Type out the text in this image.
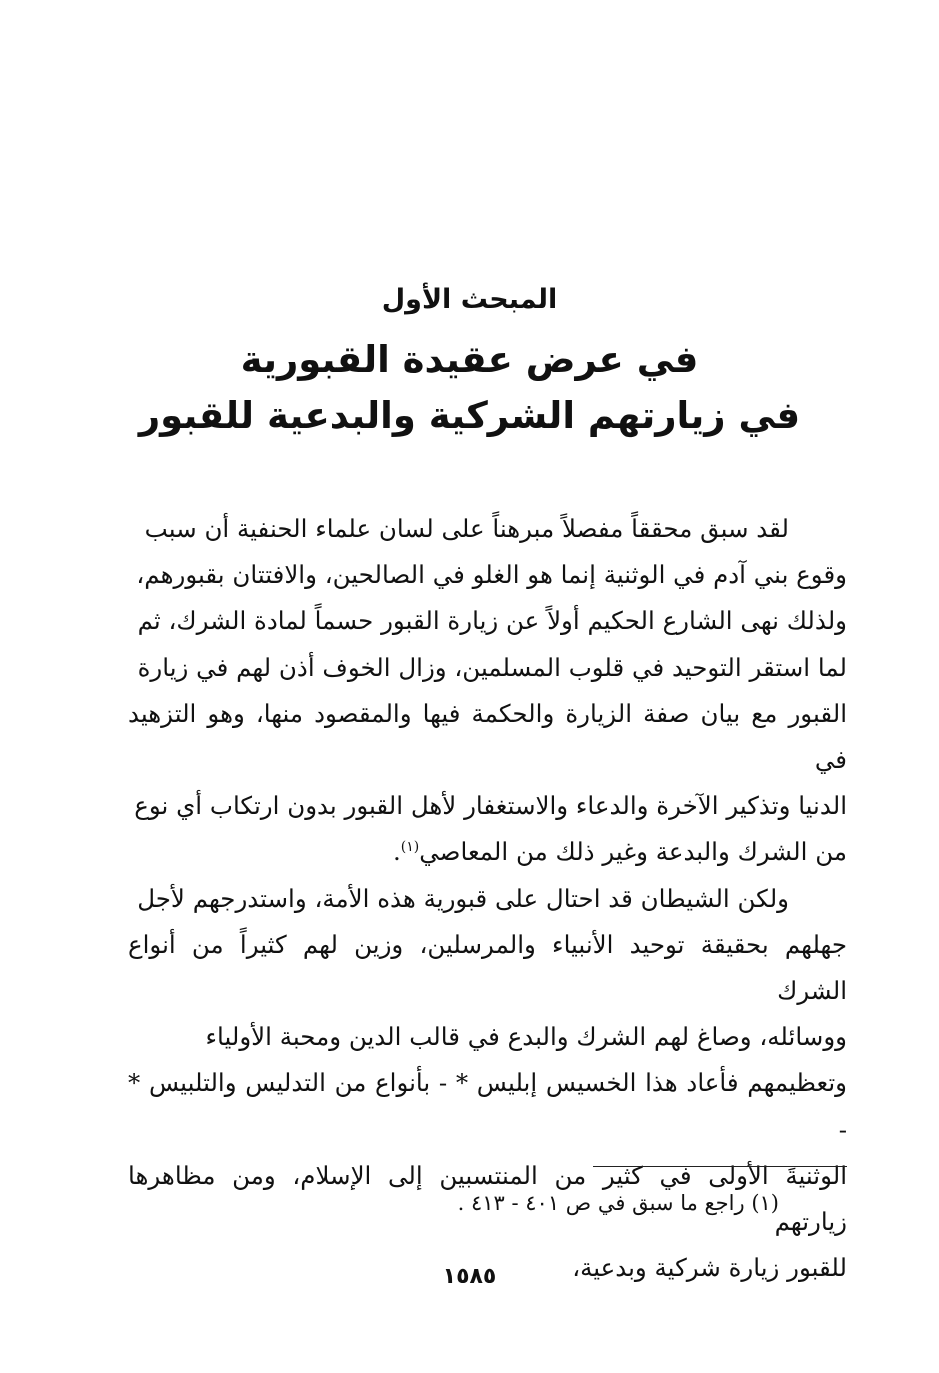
المبحث الأول
في عرض عقيدة القبورية
في زيارتهم الشركية والبدعية للقبور

لقد سبق محققاً مفصلاً مبرهناً على لسان علماء الحنفية أن سبب

وقوع بني آدم في الوثنية إنما هو الغلو في الصالحين، والافتتان بقبورهم،

ولذلك نهى الشارع الحكيم أولاً عن زيارة القبور حسماً لمادة الشرك، ثم

لما استقر التوحيد في قلوب المسلمين، وزال الخوف أذن لهم في زيارة

القبور مع بيان صفة الزيارة والحكمة فيها والمقصود منها، وهو التزهيد في

الدنيا وتذكير الآخرة والدعاء والاستغفار لأهل القبور بدون ارتكاب أي نوع

من الشرك والبدعة وغير ذلك من المعاصي$^{(١)}$.

ولكن الشيطان قد احتال على قبورية هذه الأمة، واستدرجهم لأجل

جهلهم بحقيقة توحيد الأنبياء والمرسلين، وزين لهم كثيراً من أنواع الشرك

ووسائله، وصاغ لهم الشرك والبدع في قالب الدين ومحبة الأولياء

وتعظيمهم فأعاد هذا الخسيس إبليس * - بأنواع من التدليس والتلبيس * -

الوثنيةَ الأولى في كثير من المنتسبين إلى الإسلام، ومن مظاهرها زيارتهم

للقبور زيارة شركية وبدعية،

(١) راجع ما سبق في ص ٤٠١ - ٤١٣ .
١٥٨٥
